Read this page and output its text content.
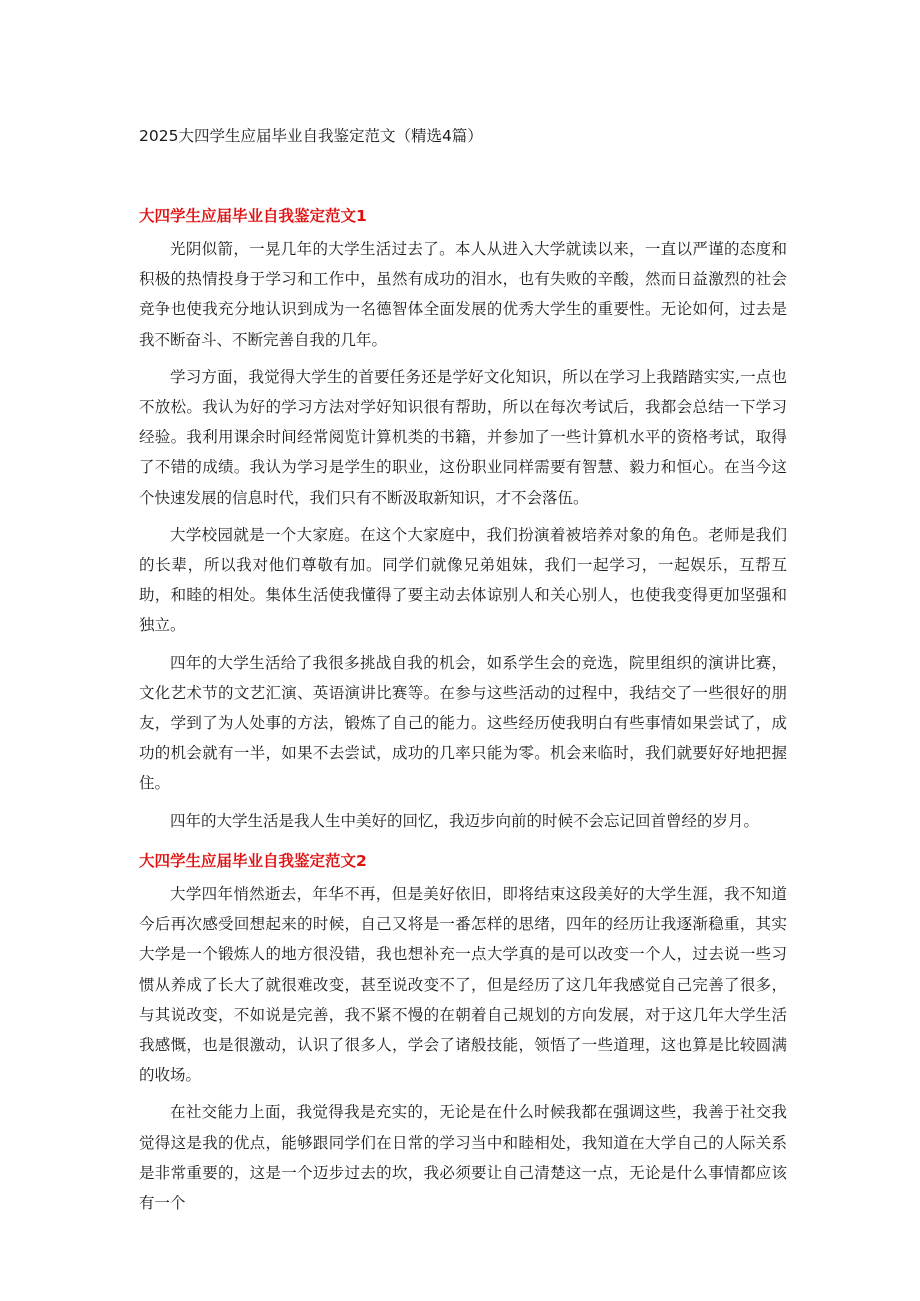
2025大四学生应届毕业自我鉴定范文（精选4篇）
大四学生应届毕业自我鉴定范文1

光阴似箭，一晃几年的大学生活过去了。本人从进入大学就读以来，一直以严谨的态度和积极的热情投身于学习和工作中，虽然有成功的泪水，也有失败的辛酸，然而日益激烈的社会竞争也使我充分地认识到成为一名德智体全面发展的优秀大学生的重要性。无论如何，过去是我不断奋斗、不断完善自我的几年。

学习方面，我觉得大学生的首要任务还是学好文化知识，所以在学习上我踏踏实实,一点也不放松。我认为好的学习方法对学好知识很有帮助，所以在每次考试后，我都会总结一下学习经验。我利用课余时间经常阅览计算机类的书籍，并参加了一些计算机水平的资格考试，取得了不错的成绩。我认为学习是学生的职业，这份职业同样需要有智慧、毅力和恒心。在当今这个快速发展的信息时代，我们只有不断汲取新知识，才不会落伍。

大学校园就是一个大家庭。在这个大家庭中，我们扮演着被培养对象的角色。老师是我们的长辈，所以我对他们尊敬有加。同学们就像兄弟姐妹，我们一起学习，一起娱乐，互帮互助，和睦的相处。集体生活使我懂得了要主动去体谅别人和关心别人，也使我变得更加坚强和独立。

四年的大学生活给了我很多挑战自我的机会，如系学生会的竞选，院里组织的演讲比赛，文化艺术节的文艺汇演、英语演讲比赛等。在参与这些活动的过程中，我结交了一些很好的朋友，学到了为人处事的方法，锻炼了自己的能力。这些经历使我明白有些事情如果尝试了，成功的机会就有一半，如果不去尝试，成功的几率只能为零。机会来临时，我们就要好好地把握住。

四年的大学生活是我人生中美好的回忆，我迈步向前的时候不会忘记回首曾经的岁月。

大四学生应届毕业自我鉴定范文2

大学四年悄然逝去，年华不再，但是美好依旧，即将结束这段美好的大学生涯，我不知道今后再次感受回想起来的时候，自己又将是一番怎样的思绪，四年的经历让我逐渐稳重，其实大学是一个锻炼人的地方很没错，我也想补充一点大学真的是可以改变一个人，过去说一些习惯从养成了长大了就很难改变，甚至说改变不了，但是经历了这几年我感觉自己完善了很多，与其说改变，不如说是完善，我不紧不慢的在朝着自己规划的方向发展，对于这几年大学生活我感慨，也是很激动，认识了很多人，学会了诸般技能，领悟了一些道理，这也算是比较圆满的收场。

在社交能力上面，我觉得我是充实的，无论是在什么时候我都在强调这些，我善于社交我觉得这是我的优点，能够跟同学们在日常的学习当中和睦相处，我知道在大学自己的人际关系是非常重要的，这是一个迈步过去的坎，我必须要让自己清楚这一点，无论是什么事情都应该有一个
